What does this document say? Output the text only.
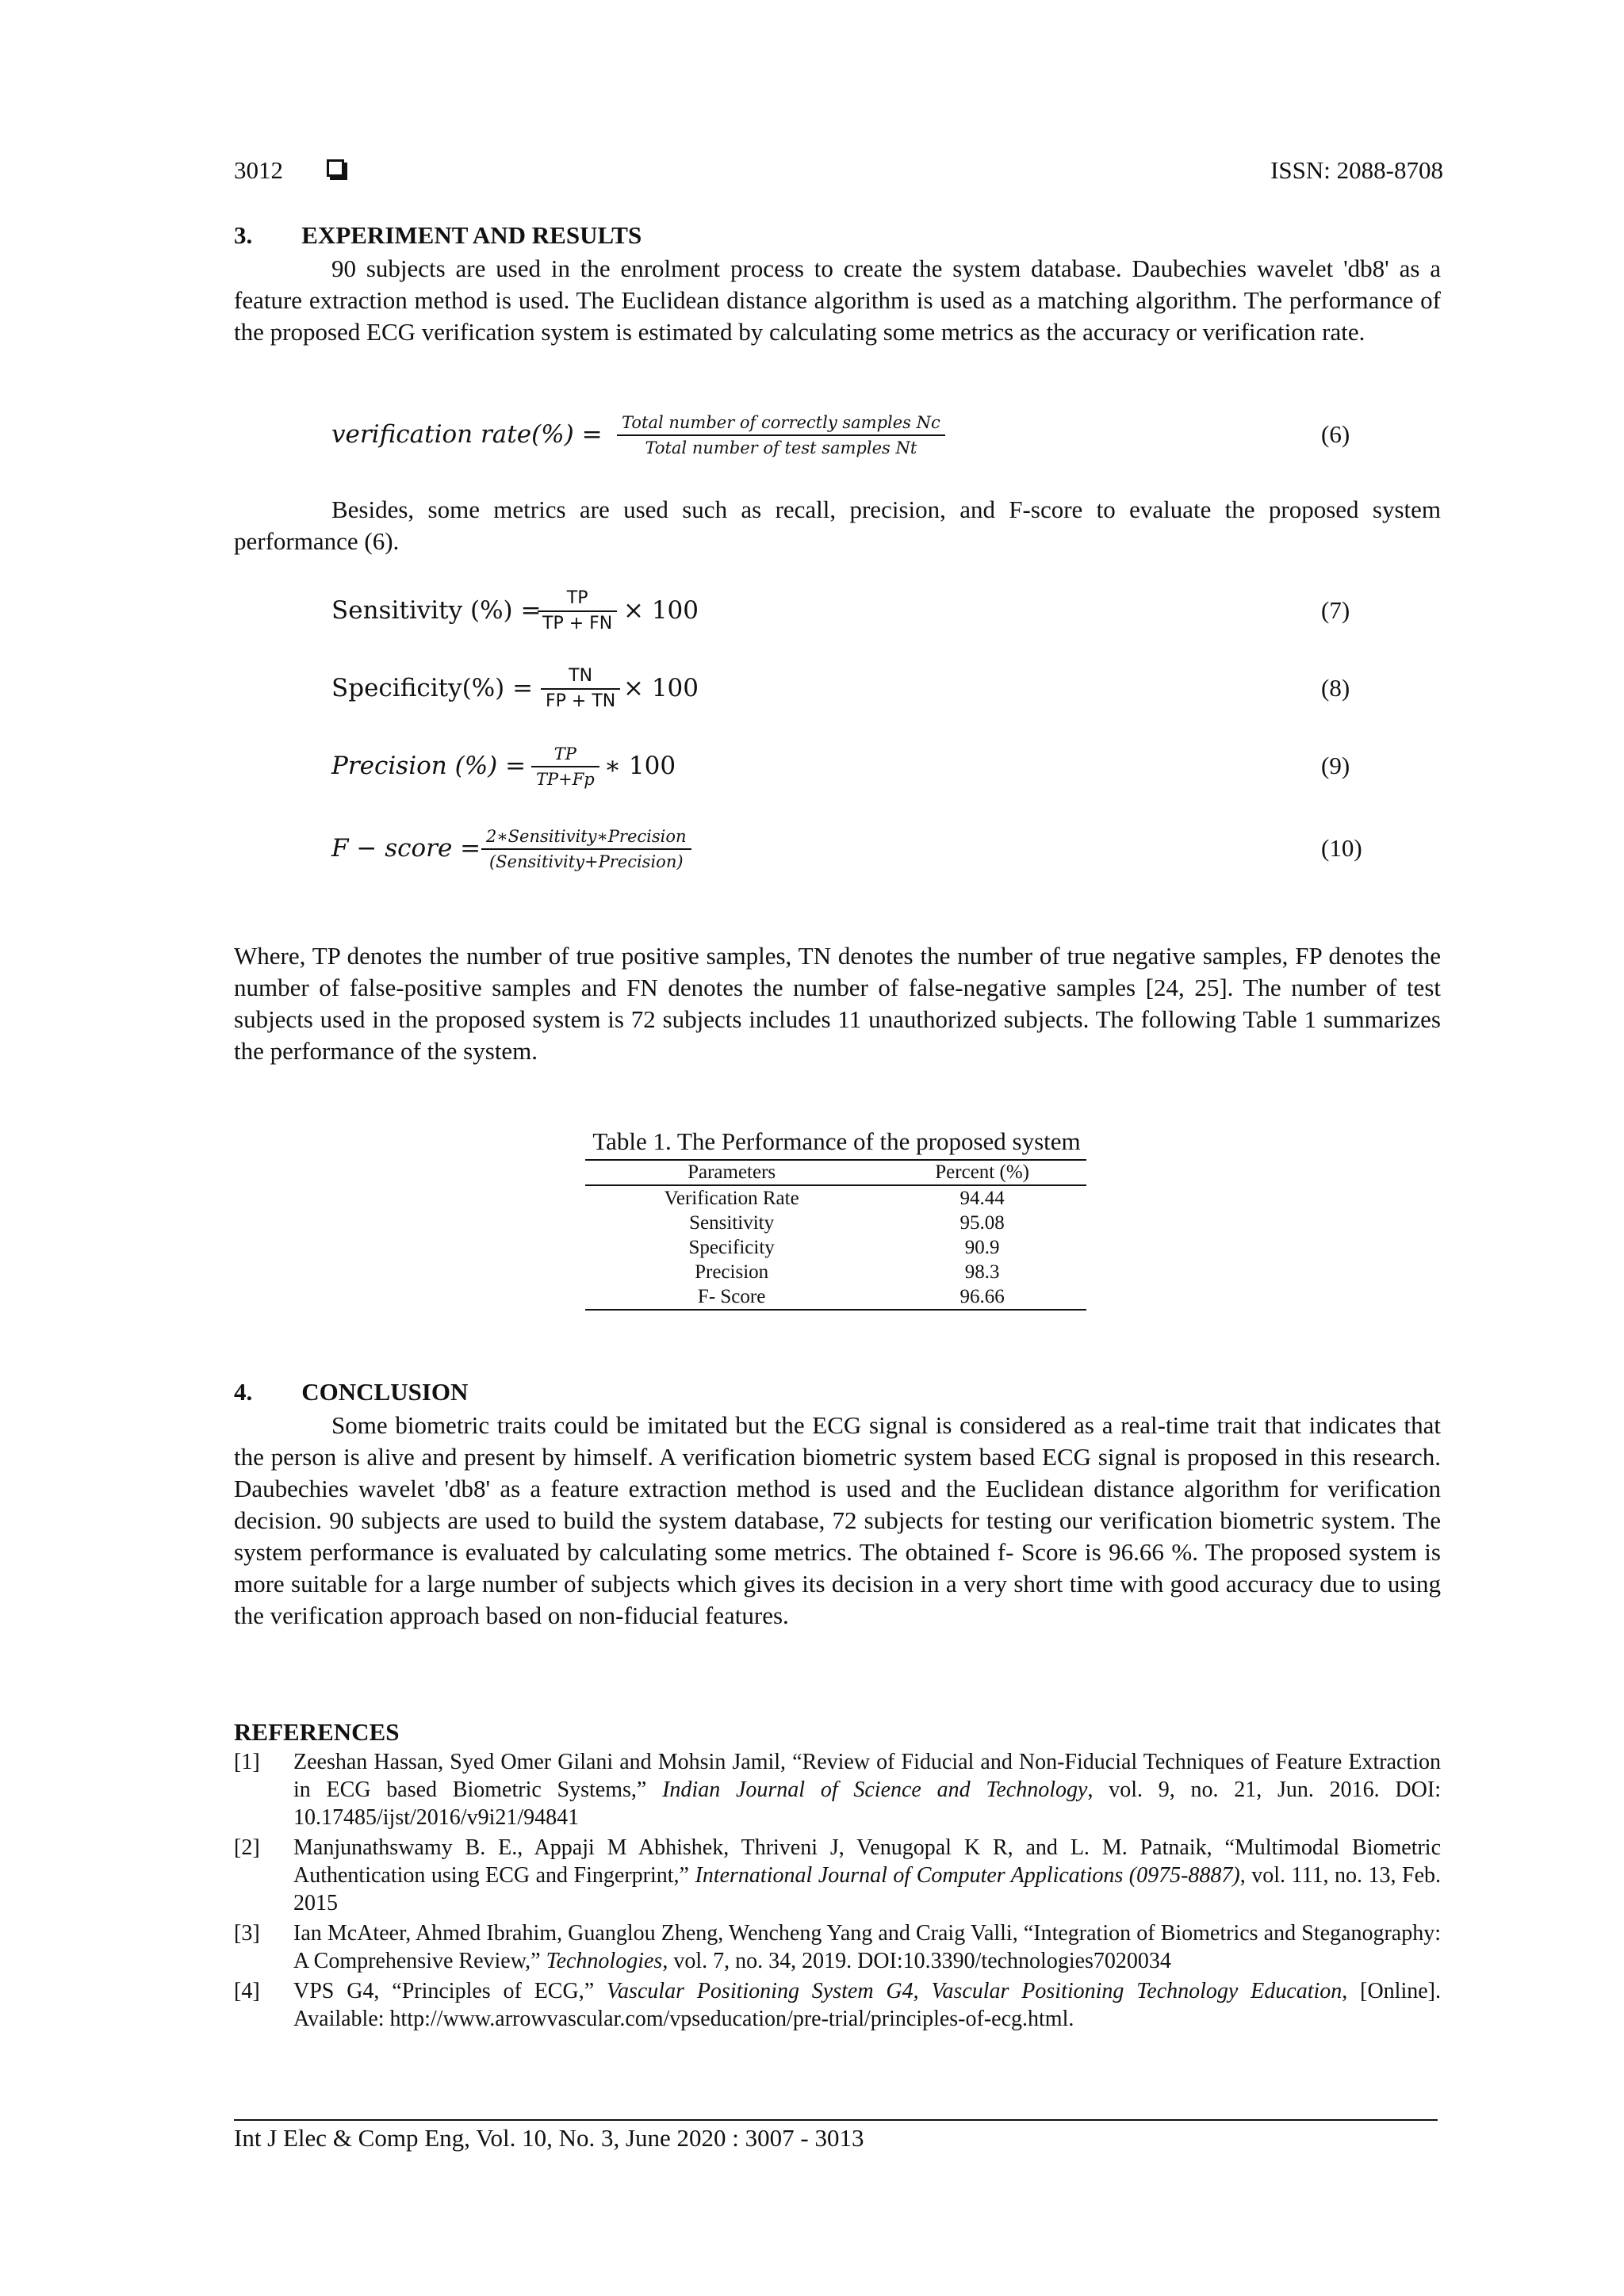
3012	ISSN: 2088-8708
3.  EXPERIMENT AND RESULTS
90 subjects are used in the enrolment process to create the system database. Daubechies wavelet 'db8' as a feature extraction method is used. The Euclidean distance algorithm is used as a matching algorithm. The performance of the proposed ECG verification system is estimated by calculating some metrics as the accuracy or verification rate.
verification rate(%) = Total number of correctly samples Nc
Total number of test samples Nt	(6)
Besides, some metrics are used such as recall, precision, and F-score to evaluate the proposed system performance (6).
Sensitivity (%) =
$\frac{TP}{TP + FN} \times 100$	(7)
Specificity(%) = $\frac{TN}{FP + TN} \times 100$	(8)
Precision (%) = $\frac{TP}{TP+Fp}$ ∗ 100	(9)
F − score = 2∗Sensitivity∗Precision
(Sensitivity+Precision)	(10)
Where, TP denotes the number of true positive samples, TN denotes the number of true negative samples, FP denotes the number of false-positive samples and FN denotes the number of false-negative samples [24, 25]. The number of test subjects used in the proposed system is 72 subjects includes 11 unauthorized subjects. The following Table 1 summarizes the performance of the system.
Table 1. The Performance of the proposed system
Parameters	Percent (%)
Verification Rate	94.44
Sensitivity	95.08
Specificity	90.9
Precision	98.3
F- Score	96.66
4.  CONCLUSION
Some biometric traits could be imitated but the ECG signal is considered as a real-time trait that indicates that the person is alive and present by himself. A verification biometric system based ECG signal is proposed in this research. Daubechies wavelet 'db8' as a feature extraction method is used and the Euclidean distance algorithm for verification decision. 90 subjects are used to build the system database, 72 subjects for testing our verification biometric system. The system performance is evaluated by calculating some metrics. The obtained f- Score is 96.66 %. The proposed system is more suitable for a large number of subjects which gives its decision in a very short time with good accuracy due to using the verification approach based on non-fiducial features.
REFERENCES
[1] Zeeshan Hassan, Syed Omer Gilani and Mohsin Jamil, “Review of Fiducial and Non-Fiducial Techniques of Feature Extraction in ECG based Biometric Systems,” Indian Journal of Science and Technology, vol. 9, no. 21, Jun. 2016. DOI: 10.17485/ijst/2016/v9i21/94841
[2] Manjunathswamy B. E., Appaji M Abhishek, Thriveni J, Venugopal K R, and L. M. Patnaik, “Multimodal Biometric Authentication using ECG and Fingerprint,” International Journal of Computer Applications (0975-8887), vol. 111, no. 13, Feb. 2015
[3] Ian McAteer, Ahmed Ibrahim, Guanglou Zheng, Wencheng Yang and Craig Valli, “Integration of Biometrics and Steganography: A Comprehensive Review,” Technologies, vol. 7, no. 34, 2019. DOI:10.3390/technologies7020034
[4] VPS G4, “Principles of ECG,” Vascular Positioning System G4, Vascular Positioning Technology Education, [Online]. Available: http://www.arrowvascular.com/vpseducation/pre-trial/principles-of-ecg.html.
Int J Elec & Comp Eng, Vol. 10, No. 3, June 2020 : 3007 - 3013
